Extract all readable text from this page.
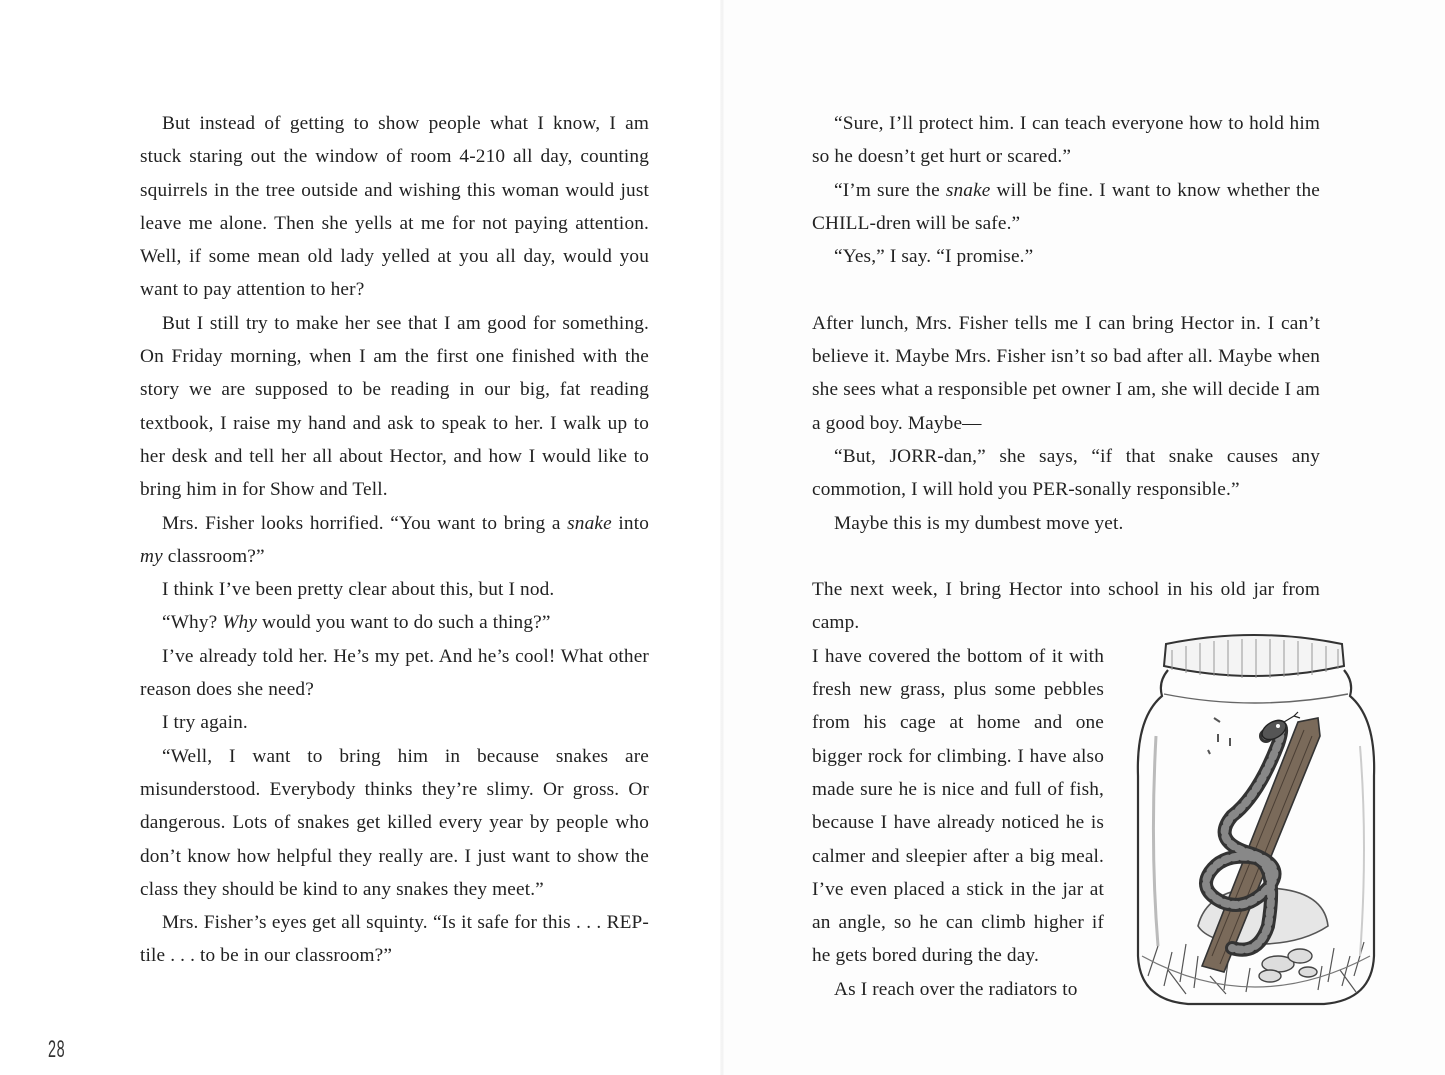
But instead of getting to show people what I know, I am stuck staring out the window of room 4-210 all day, counting squirrels in the tree outside and wishing this woman would just leave me alone. Then she yells at me for not paying attention. Well, if some mean old lady yelled at you all day, would you want to pay attention to her?

But I still try to make her see that I am good for something. On Friday morning, when I am the first one finished with the story we are supposed to be reading in our big, fat reading textbook, I raise my hand and ask to speak to her. I walk up to her desk and tell her all about Hector, and how I would like to bring him in for Show and Tell.

Mrs. Fisher looks horrified. “You want to bring a snake into my classroom?”

I think I’ve been pretty clear about this, but I nod.

“Why? Why would you want to do such a thing?”

I’ve already told her. He’s my pet. And he’s cool! What other reason does she need?

I try again.

“Well, I want to bring him in because snakes are misunderstood. Everybody thinks they’re slimy. Or gross. Or dangerous. Lots of snakes get killed every year by people who don’t know how helpful they really are. I just want to show the class they should be kind to any snakes they meet.”

Mrs. Fisher’s eyes get all squinty. “Is it safe for this . . . REP-tile . . . to be in our classroom?”

28

“Sure, I’ll protect him. I can teach everyone how to hold him so he doesn’t get hurt or scared.”

“I’m sure the snake will be fine. I want to know whether the CHILL-dren will be safe.”

“Yes,” I say. “I promise.”

After lunch, Mrs. Fisher tells me I can bring Hector in. I can’t believe it. Maybe Mrs. Fisher isn’t so bad after all. Maybe when she sees what a responsible pet owner I am, she will decide I am a good boy. Maybe—

“But, JORR-dan,” she says, “if that snake causes any commotion, I will hold you PER-sonally responsible.”

Maybe this is my dumbest move yet.

The next week, I bring Hector into school in his old jar from camp.

I have covered the bottom of it with fresh new grass, plus some pebbles from his cage at home and one bigger rock for climbing. I have also made sure he is nice and full of fish, because I have already noticed he is calmer and sleepier after a big meal. I’ve even placed a stick in the jar at an angle, so he can climb higher if he gets bored during the day.

As I reach over the radiators to
